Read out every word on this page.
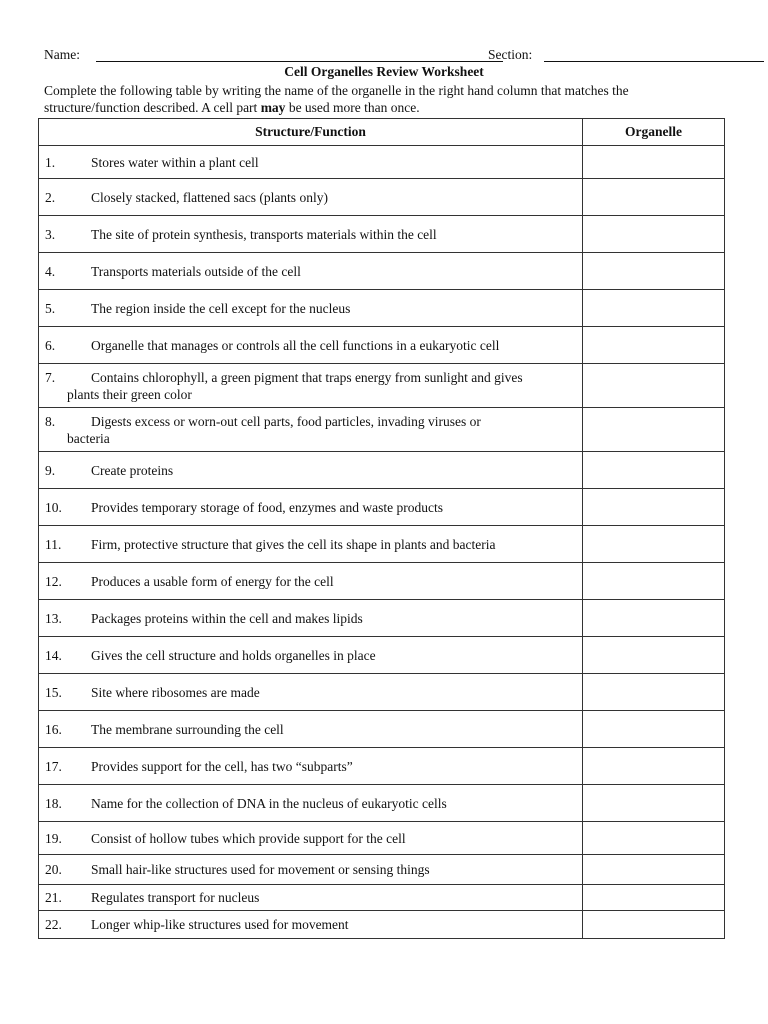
Name:	Section:
Cell Organelles Review Worksheet
Complete the following table by writing the name of the organelle in the right hand column that matches the structure/function described. A cell part may be used more than once.
Structure/Function	Organelle

1. Stores water within a plant cell	

2. Closely stacked, flattened sacs (plants only)	

3. The site of protein synthesis, transports materials within the cell	

4. Transports materials outside of the cell	

5. The region inside the cell except for the nucleus	

6. Organelle that manages or controls all the cell functions in a eukaryotic cell	

7. Contains chlorophyll, a green pigment that traps energy from sunlight and gives
plants their green color	

8. Digests excess or worn-out cell parts, food particles, invading viruses or
bacteria	

9. Create proteins	

10. Provides temporary storage of food, enzymes and waste products	

11. Firm, protective structure that gives the cell its shape in plants and bacteria	

12. Produces a usable form of energy for the cell	

13. Packages proteins within the cell and makes lipids	

14. Gives the cell structure and holds organelles in place	

15. Site where ribosomes are made	

16. The membrane surrounding the cell	

17. Provides support for the cell, has two “subparts”	

18. Name for the collection of DNA in the nucleus of eukaryotic cells	

19. Consist of hollow tubes which provide support for the cell	

20. Small hair-like structures used for movement or sensing things	

21. Regulates transport for nucleus	

22. Longer whip-like structures used for movement	
